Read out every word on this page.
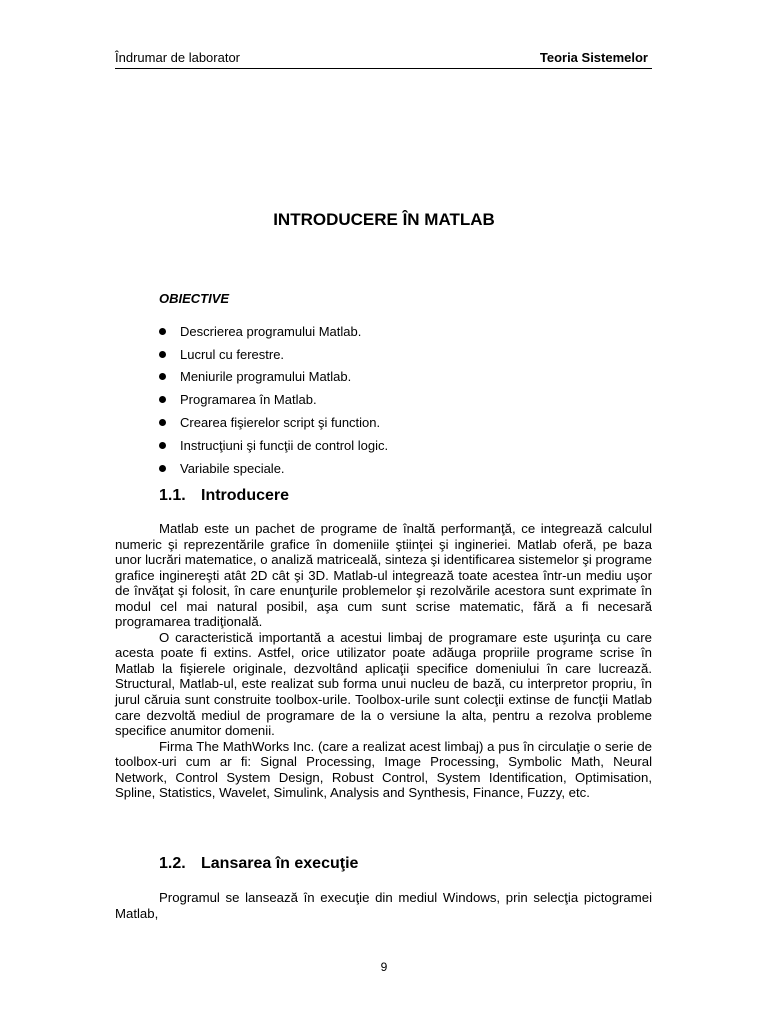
Îndrumar de laborator	Teoria Sistemelor
INTRODUCERE ÎN MATLAB
OBIECTIVE
Descrierea programului Matlab.
Lucrul cu ferestre.
Meniurile programului Matlab.
Programarea în Matlab.
Crearea fişierelor script şi function.
Instrucţiuni şi funcţii de control logic.
Variabile speciale.
1.1. Introducere

Matlab este un pachet de programe de înaltă performanţă, ce integrează calculul numeric şi reprezentările grafice în domeniile ştiinţei şi ingineriei. Matlab oferă, pe baza unor lucrări matematice, o analiză matriceală, sinteza şi identificarea sistemelor şi programe grafice inginereşti atât 2D cât şi 3D. Matlab-ul integrează toate acestea într-un mediu uşor de învăţat şi folosit, în care enunţurile problemelor şi rezolvările acestora sunt exprimate în modul cel mai natural posibil, aşa cum sunt scrise matematic, fără a fi necesară programarea tradiţională.

O caracteristică importantă a acestui limbaj de programare este uşurinţa cu care acesta poate fi extins. Astfel, orice utilizator poate adăuga propriile programe scrise în Matlab la fişierele originale, dezvoltând aplicaţii specifice domeniului în care lucrează. Structural, Matlab-ul, este realizat sub forma unui nucleu de bază, cu interpretor propriu, în jurul căruia sunt construite toolbox-urile. Toolbox-urile sunt colecţii extinse de funcţii Matlab care dezvoltă mediul de programare de la o versiune la alta, pentru a rezolva probleme specifice anumitor domenii.

Firma The MathWorks Inc. (care a realizat acest limbaj) a pus în circulaţie o serie de toolbox-uri cum ar fi: Signal Processing, Image Processing, Symbolic Math, Neural Network, Control System Design, Robust Control, System Identification, Optimisation, Spline, Statistics, Wavelet, Simulink, Analysis and Synthesis, Finance, Fuzzy, etc.

1.2. Lansarea în execuţie

Programul se lansează în execuţie din mediul Windows, prin selecţia pictogramei Matlab,

9
